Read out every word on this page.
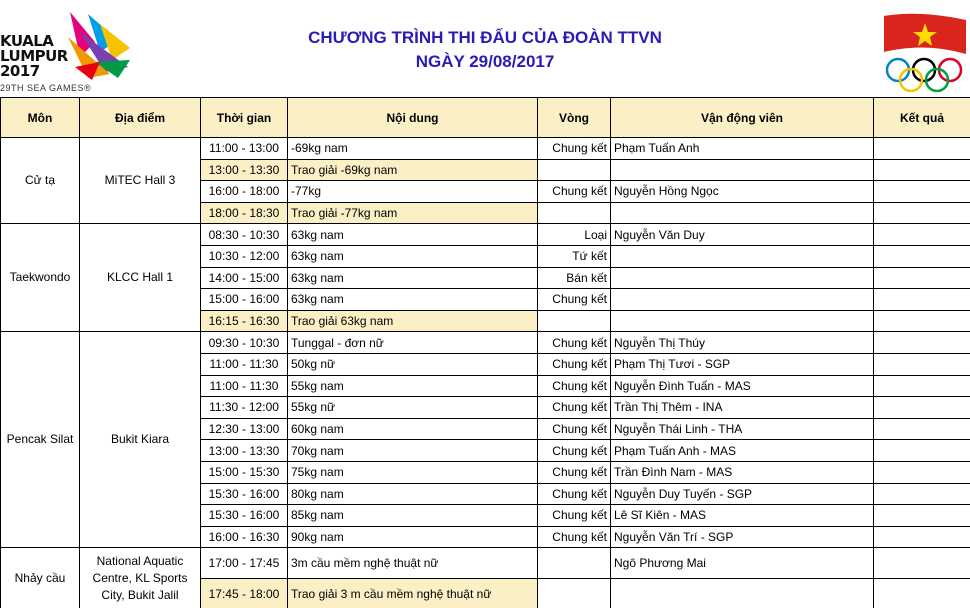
KUALA
LUMPUR
2017
29TH SEA GAMES®
CHƯƠNG TRÌNH THI ĐẤU CỦA ĐOÀN TTVN
NGÀY 29/08/2017
Môn	Địa điểm	Thời gian	Nội dung	Vòng	Vận động viên	Kết quả
Cử tạ	MiTEC Hall 3	11:00 - 13:00	-69kg nam	Chung kết	Phạm Tuấn Anh	
		13:00 - 13:30	Trao giải -69kg nam			
		16:00 - 18:00	-77kg	Chung kết	Nguyễn Hồng Ngọc	
		18:00 - 18:30	Trao giải -77kg nam			
Taekwondo	KLCC Hall 1	08:30 - 10:30	63kg nam	Loại	Nguyễn Văn Duy	
		10:30 - 12:00	63kg nam	Tứ kết		
		14:00 - 15:00	63kg nam	Bán kết		
		15:00 - 16:00	63kg nam	Chung kết		
		16:15 - 16:30	Trao giải 63kg nam			
Pencak Silat	Bukit Kiara	09:30 - 10:30	Tunggal - đơn nữ	Chung kết	Nguyễn Thị Thúy	
		11:00 - 11:30	50kg nữ	Chung kết	Phạm Thị Tươi - SGP	
		11:00 - 11:30	55kg nam	Chung kết	Nguyễn Đình Tuấn - MAS	
		11:30 - 12:00	55kg nữ	Chung kết	Trần Thị Thêm - INA	
		12:30 - 13:00	60kg nam	Chung kết	Nguyễn Thái Linh - THA	
		13:00 - 13:30	70kg nam	Chung kết	Phạm Tuấn Anh - MAS	
		15:00 - 15:30	75kg nam	Chung kết	Trần Đình Nam - MAS	
		15:30 - 16:00	80kg nam	Chung kết	Nguyễn Duy Tuyến - SGP	
		15:30 - 16:00	85kg nam	Chung kết	Lê Sĩ Kiên - MAS	
		16:00 - 16:30	90kg nam	Chung kết	Nguyễn Văn Trí - SGP	
Nhảy cầu	National Aquatic Centre, KL Sports City, Bukit Jalil	17:00 - 17:45	3m cầu mềm nghệ thuật nữ		Ngô Phương Mai	
		17:45 - 18:00	Trao giải 3 m cầu mềm nghệ thuật nữ			
